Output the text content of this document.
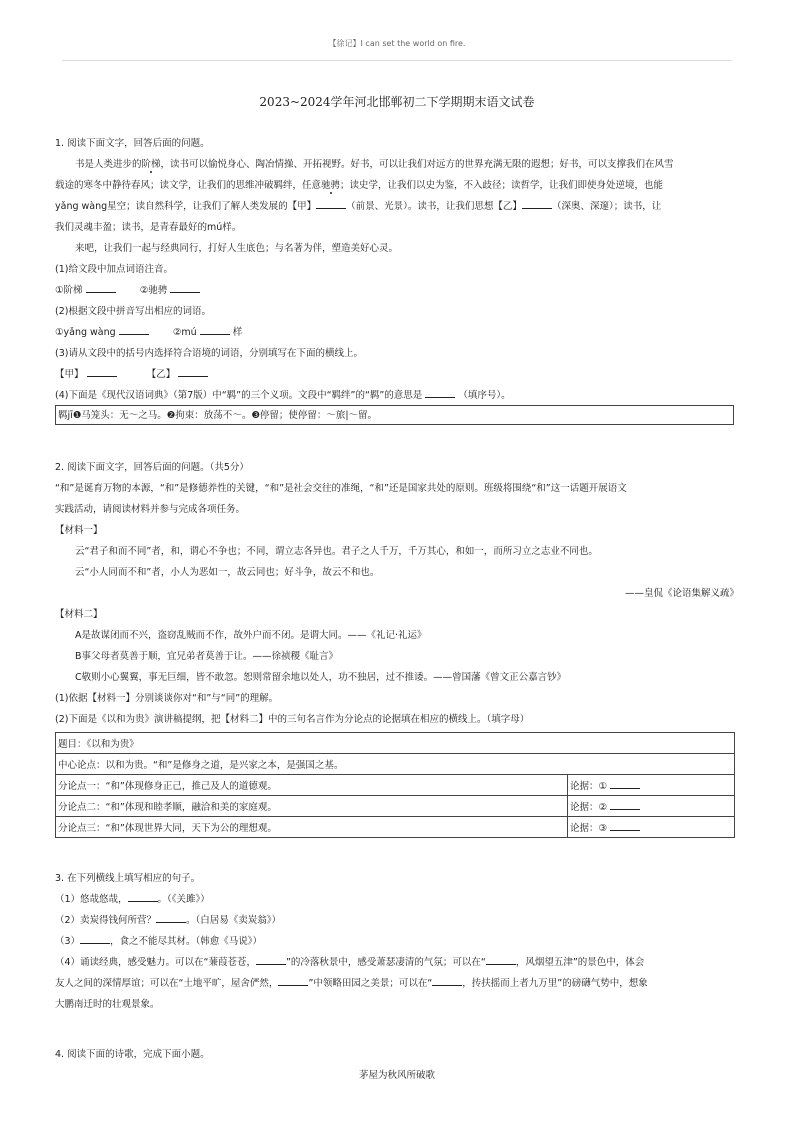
【徐记】I can set the world on fire.
2023~2024学年河北邯郸初二下学期期末语文试卷
1. 阅读下面文字，回答后面的问题。
书是人类进步的阶梯，读书可以愉悦身心、陶冶情操、开拓视野。好书，可以让我们对远方的世界充满无限的遐想；好书，可以支撑我们在风雪
载途的寒冬中静待春风；读文学，让我们的思维冲破羁绊，任意驰骋；读史学，让我们以史为鉴，不入歧径；读哲学，让我们即使身处逆境，也能
yǎng wàng星空；读自然科学，让我们了解人类发展的【甲】	（前景、光景）。读书，让我们思想【乙】	（深奥、深邃）；读书，让
我们灵魂丰盈；读书，是青春最好的mú样。
来吧，让我们一起与经典同行，打好人生底色；与名著为伴，塑造美好心灵。
(1)给文段中加点词语注音。
①阶梯	②驰骋
(2)根据文段中拼音写出相应的词语。
①yǎng wàng	②mú	样
(3)请从文段中的括号内选择符合语境的词语，分别填写在下面的横线上。
【甲】	【乙】
(4)下面是《现代汉语词典》（第7版）中“羁”的三个义项。文段中“羁绊”的“羁”的意思是	（填序号）。
羁jī❶马笼头：无～之马。❷拘束：放荡不～。❸停留；使停留：～旅|～留。
2. 阅读下面文字，回答后面的问题。（共5分）
“和”是诞育万物的本源，“和”是修德养性的关键，“和”是社会交往的准绳，“和”还是国家共处的原则。班级将围绕“和”这一话题开展语文
实践活动，请阅读材料并参与完成各项任务。
【材料一】
云“君子和而不同”者，和，谓心不争也；不同，谓立志各异也。君子之人千万，千万其心，和如一，而所习立之志业不同也。
云“小人同而不和”者，小人为恶如一，故云同也；好斗争，故云不和也。
——皇侃《论语集解义疏》
【材料二】
A是故谋闭而不兴，盗窃乱贼而不作，故外户而不闭。是谓大同。——《礼记·礼运》
B事父母者莫善于顺，宜兄弟者莫善于让。——徐祯稷《耻言》
C敬则小心翼翼，事无巨细，皆不敢忽。恕则常留余地以处人，功不独居，过不推诿。——曾国藩《曾文正公嘉言钞》
(1)依据【材料一】分别谈谈你对“和”与“同”的理解。
(2)下面是《以和为贵》演讲稿提纲，把【材料二】中的三句名言作为分论点的论据填在相应的横线上。（填字母）
题目：《以和为贵》	
中心论点：以和为贵。“和”是修身之道，是兴家之本，是强国之基。	
分论点一：“和”体现修身正己，推己及人的道德观。	论据：①
分论点二：“和”体现和睦孝顺，融洽和美的家庭观。	论据：②
分论点三：“和”体现世界大同，天下为公的理想观。	论据：③
3. 在下列横线上填写相应的句子。
（1）悠哉悠哉，	。（《关雎》）
（2）卖炭得钱何所营？	。（白居易《卖炭翁》）
（3）	，食之不能尽其材。（韩愈《马说》）
（4）诵读经典，感受魅力。可以在“蒹葭苍苍，	”的冷落秋景中，感受萧瑟凄清的气氛；可以在“	，风烟望五津”的景色中，体会
友人之间的深情厚谊；可以在“土地平旷，屋舍俨然，	”中领略田园之美景；可以在“	，抟扶摇而上者九万里”的磅礴气势中，想象
大鹏南迁时的壮观景象。
4. 阅读下面的诗歌，完成下面小题。
茅屋为秋风所破歌
